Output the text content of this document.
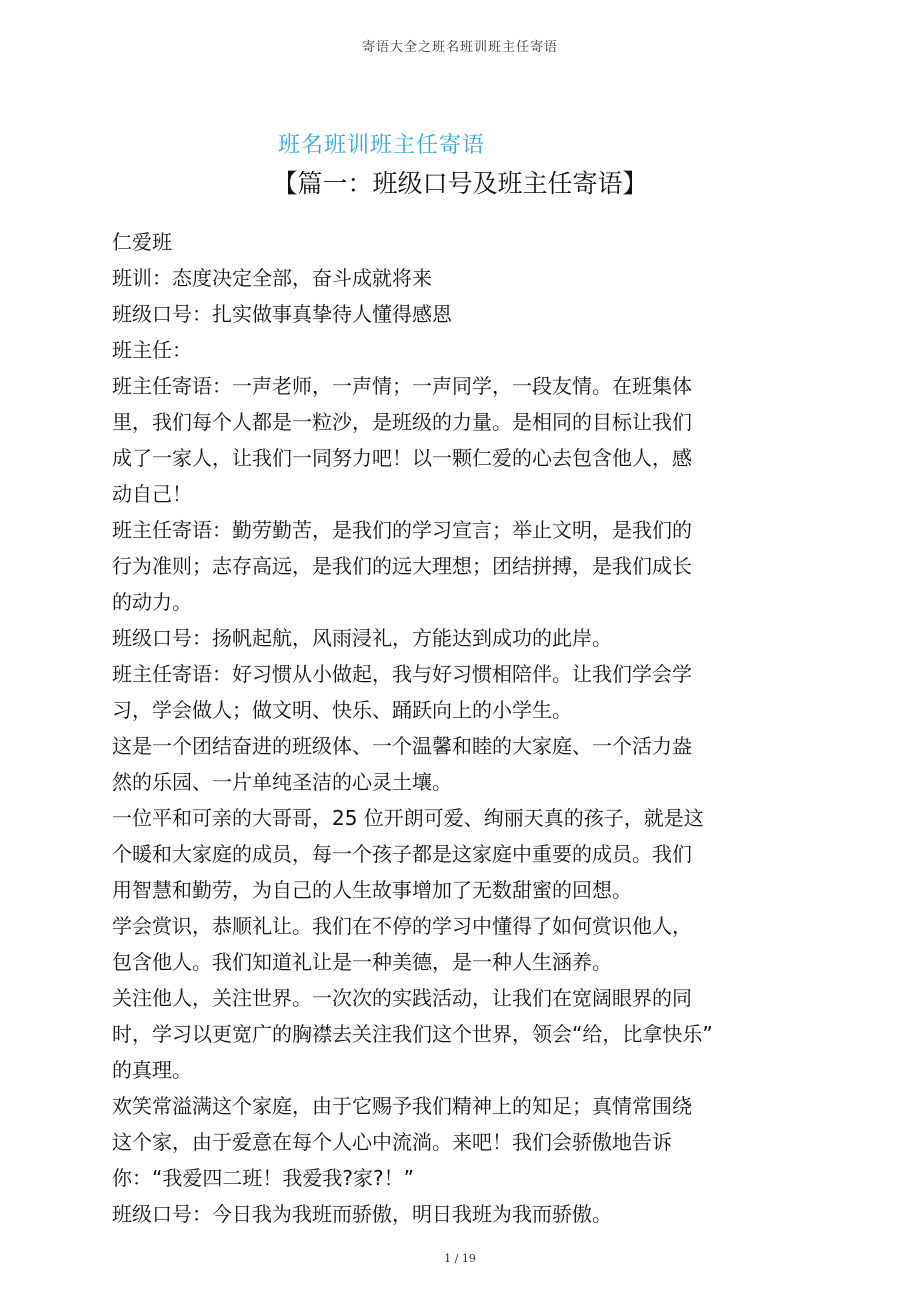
寄语大全之班名班训班主任寄语
班名班训班主任寄语
【篇一：班级口号及班主任寄语】
仁爱班
班训：态度决定全部，奋斗成就将来
班级口号：扎实做事真挚待人懂得感恩
班主任：
班主任寄语：一声老师，一声情；一声同学，一段友情。在班集体
里，我们每个人都是一粒沙，是班级的力量。是相同的目标让我们
成了一家人，让我们一同努力吧！以一颗仁爱的心去包含他人，感
动自己！
班主任寄语：勤劳勤苦，是我们的学习宣言；举止文明，是我们的
行为准则；志存高远，是我们的远大理想；团结拼搏，是我们成长
的动力。
班级口号：扬帆起航，风雨浸礼，方能达到成功的此岸。
班主任寄语：好习惯从小做起，我与好习惯相陪伴。让我们学会学
习，学会做人；做文明、快乐、踊跃向上的小学生。
这是一个团结奋进的班级体、一个温馨和睦的大家庭、一个活力盎
然的乐园、一片单纯圣洁的心灵土壤。
一位平和可亲的大哥哥，25 位开朗可爱、绚丽天真的孩子，就是这
个暖和大家庭的成员，每一个孩子都是这家庭中重要的成员。我们
用智慧和勤劳，为自己的人生故事增加了无数甜蜜的回想。
学会赏识，恭顺礼让。我们在不停的学习中懂得了如何赏识他人，
包含他人。我们知道礼让是一种美德，是一种人生涵养。
关注他人，关注世界。一次次的实践活动，让我们在宽阔眼界的同
时，学习以更宽广的胸襟去关注我们这个世界，领会“给，比拿快乐”
的真理。
欢笑常溢满这个家庭，由于它赐予我们精神上的知足；真情常围绕
这个家，由于爱意在每个人心中流淌。来吧！我们会骄傲地告诉
你：“我爱四二班！我爱我?家?！”
班级口号：今日我为我班而骄傲，明日我班为我而骄傲。
1 / 19
